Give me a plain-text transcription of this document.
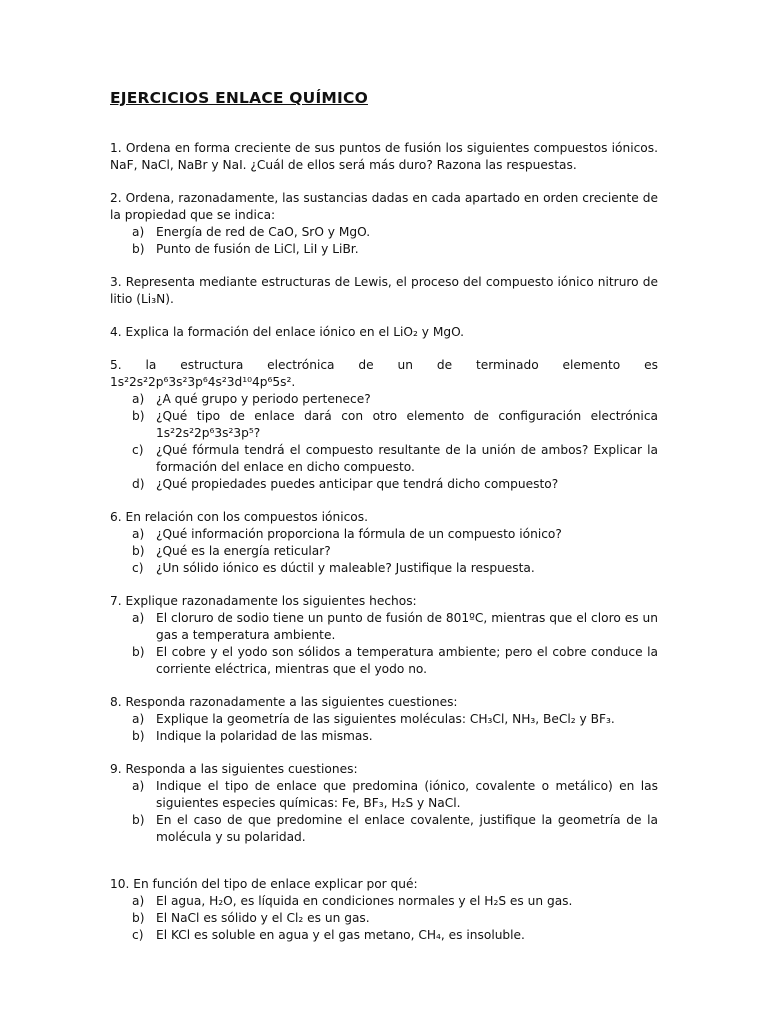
EJERCICIOS ENLACE QUÍMICO

1. Ordena en forma creciente de sus puntos de fusión los siguientes compuestos iónicos. NaF, NaCl, NaBr y NaI. ¿Cuál de ellos será más duro? Razona las respuestas.

2. Ordena, razonadamente, las sustancias dadas en cada apartado en orden creciente de la propiedad que se indica:

a) Energía de red de CaO, SrO y MgO.
b) Punto de fusión de LiCl, LiI y LiBr.

3. Representa mediante estructuras de Lewis, el proceso del compuesto iónico nitruro de litio (Li₃N).

4. Explica la formación del enlace iónico en el LiO₂ y MgO.

5. la estructura electrónica de un de terminado elemento es 1s²2s²2p⁶3s²3p⁶4s²3d¹⁰4p⁶5s².

a) ¿A qué grupo y periodo pertenece?
b) ¿Qué tipo de enlace dará con otro elemento de configuración electrónica 1s²2s²2p⁶3s²3p⁵?
c) ¿Qué fórmula tendrá el compuesto resultante de la unión de ambos? Explicar la formación del enlace en dicho compuesto.
d) ¿Qué propiedades puedes anticipar que tendrá dicho compuesto?

6. En relación con los compuestos iónicos.

a) ¿Qué información proporciona la fórmula de un compuesto iónico?
b) ¿Qué es la energía reticular?
c) ¿Un sólido iónico es dúctil y maleable? Justifique la respuesta.

7. Explique razonadamente los siguientes hechos:

a) El cloruro de sodio tiene un punto de fusión de 801ºC, mientras que el cloro es un gas a temperatura ambiente.
b) El cobre y el yodo son sólidos a temperatura ambiente; pero el cobre conduce la corriente eléctrica, mientras que el yodo no.

8. Responda razonadamente a las siguientes cuestiones:

a) Explique la geometría de las siguientes moléculas: CH₃Cl, NH₃, BeCl₂ y BF₃.
b) Indique la polaridad de las mismas.

9. Responda a las siguientes cuestiones:

a) Indique el tipo de enlace que predomina (iónico, covalente o metálico) en las siguientes especies químicas: Fe, BF₃, H₂S y NaCl.
b) En el caso de que predomine el enlace covalente, justifique la geometría de la molécula y su polaridad.

10. En función del tipo de enlace explicar por qué:

a) El agua, H₂O, es líquida en condiciones normales y el H₂S es un gas.
b) El NaCl es sólido y el Cl₂ es un gas.
c) El KCl es soluble en agua y el gas metano, CH₄, es insoluble.
